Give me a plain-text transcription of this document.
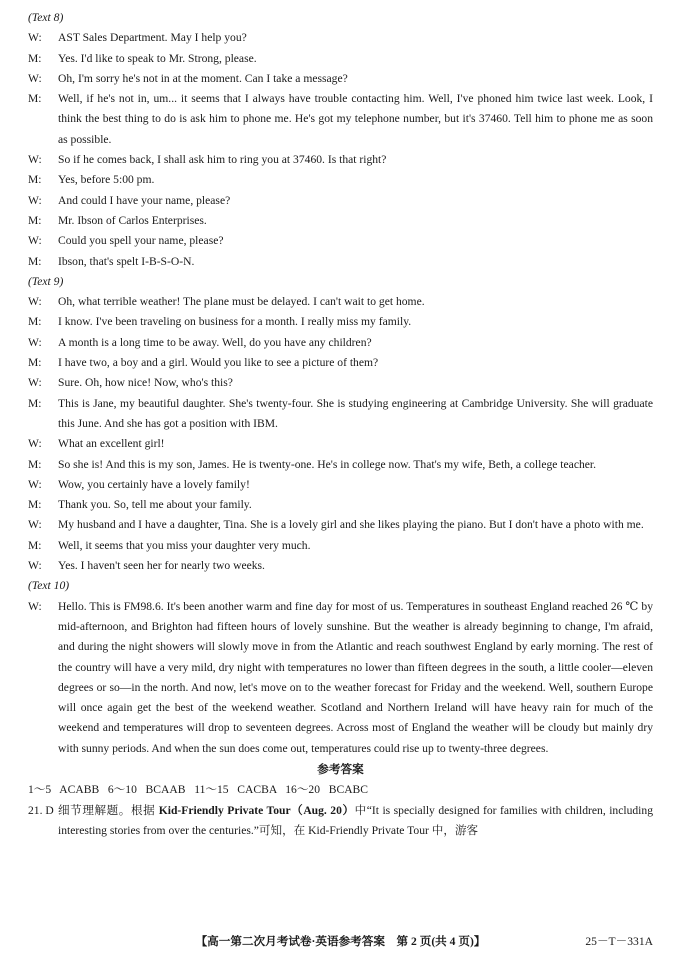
(Text 8)
W: AST Sales Department. May I help you?
M: Yes. I'd like to speak to Mr. Strong, please.
W: Oh, I'm sorry he's not in at the moment. Can I take a message?
M: Well, if he's not in, um... it seems that I always have trouble contacting him. Well, I've phoned him twice last week. Look, I think the best thing to do is ask him to phone me. He's got my telephone number, but it's 37460. Tell him to phone me as soon as possible.
W: So if he comes back, I shall ask him to ring you at 37460. Is that right?
M: Yes, before 5:00 pm.
W: And could I have your name, please?
M: Mr. Ibson of Carlos Enterprises.
W: Could you spell your name, please?
M: Ibson, that's spelt I-B-S-O-N.
(Text 9)
W: Oh, what terrible weather! The plane must be delayed. I can't wait to get home.
M: I know. I've been traveling on business for a month. I really miss my family.
W: A month is a long time to be away. Well, do you have any children?
M: I have two, a boy and a girl. Would you like to see a picture of them?
W: Sure. Oh, how nice! Now, who's this?
M: This is Jane, my beautiful daughter. She's twenty-four. She is studying engineering at Cambridge University. She will graduate this June. And she has got a position with IBM.
W: What an excellent girl!
M: So she is! And this is my son, James. He is twenty-one. He's in college now. That's my wife, Beth, a college teacher.
W: Wow, you certainly have a lovely family!
M: Thank you. So, tell me about your family.
W: My husband and I have a daughter, Tina. She is a lovely girl and she likes playing the piano. But I don't have a photo with me.
M: Well, it seems that you miss your daughter very much.
W: Yes. I haven't seen her for nearly two weeks.
(Text 10)
W: Hello. This is FM98.6. It's been another warm and fine day for most of us. Temperatures in southeast England reached 26 ℃ by mid-afternoon, and Brighton had fifteen hours of lovely sunshine. But the weather is already beginning to change, I'm afraid, and during the night showers will slowly move in from the Atlantic and reach southwest England by early morning. The rest of the country will have a very mild, dry night with temperatures no lower than fifteen degrees in the south, a little cooler—eleven degrees or so—in the north. And now, let's move on to the weather forecast for Friday and the weekend. Well, southern Europe will once again get the best of the weekend weather. Scotland and Northern Ireland will have heavy rain for much of the weekend and temperatures will drop to seventeen degrees. Across most of England the weather will be cloudy but mainly dry with sunny periods. And when the sun does come out, temperatures could rise up to twenty-three degrees.
参考答案
1～5   ACABB   6～10   BCAAB   11～15   CACBA   16～20   BCABC
21. D 细节理解题。根据 Kid-Friendly Private Tour（Aug. 20）中“It is specially designed for families with children, including interesting stories from over the centuries.”可知，在 Kid-Friendly Private Tour 中，游客
【高一第二次月考试卷·英语参考答案　第 2 页(共 4 页)】	25－T－331A
